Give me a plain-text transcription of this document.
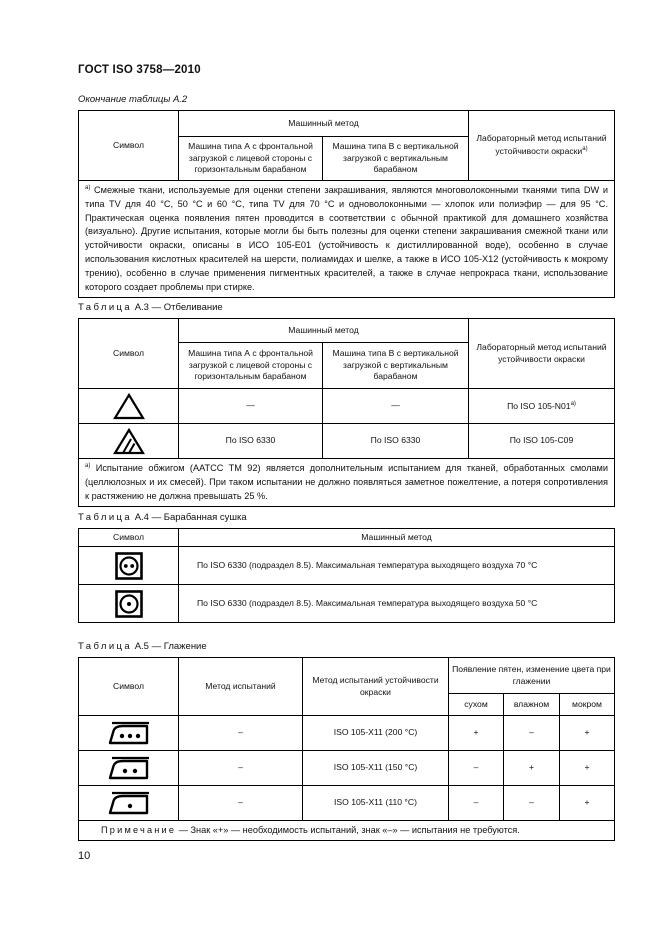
ГОСТ ISO 3758—2010
Окончание таблицы А.2
Символ	Машинный метод		Лабораторный метод испытаний устойчивости окраски$^{а)}$
	Машина типа А с фронтальной загрузкой с лицевой стороны с горизонтальным барабаном	Машина типа В с вертикальной загрузкой с вертикальным барабаном	
$^{а)}$ Смежные ткани, используемые для оценки степени закрашивания, являются многоволоконными тканями типа DW и типа TV для 40 °С, 50 °С и 60 °С, типа TV для 70 °С и одноволоконными — хлопок или полиэфир — для 95 °С. Практическая оценка появления пятен проводится в соответствии с обычной практикой для домашнего хозяйства (визуально). Другие испытания, которые могли бы быть полезны для оценки степени закрашивания смежной ткани или устойчивости окраски, описаны в ИСО 105-Е01 (устойчивость к дистиллированной воде), особенно в случае использования кислотных красителей на шерсти, полиамидах и шелке, а также в ИСО 105-Х12 (устойчивость к мокрому трению), особенно в случае применения пигментных красителей, а также в случае непрокраса ткани, использование которого создает проблемы при стирке.			
Таблица А.3 — Отбеливание
Символ	Машинный метод		Лабораторный метод испытаний устойчивости окраски
	Машина типа А с фронтальной загрузкой с лицевой стороны с горизонтальным барабаном	Машина типа В с вертикальной загрузкой с вертикальным барабаном	

	—	—	По ISO $105-N01^{а)}$

	По ISO 6330	По ISO 6330	По ISO 105-С09
$^{а)}$ Испытание обжигом (AATCC TM 92) является дополнительным испытанием для тканей, обработанных смолами (целлюлозных и их смесей). При таком испытании не должно появляться заметное пожелтение, а потеря сопротивления к растяжению не должна превышать 25 %.			
Таблица А.4 — Барабанная сушка
Символ	Машинный метод

	По ISO 6330 (подраздел 8.5). Максимальная температура выходящего воздуха 70 °С

	По ISO 6330 (подраздел 8.5). Максимальная температура выходящего воздуха 50 °С
Таблица А.5 — Глажение
Символ	Метод испытаний	Метод испытаний устойчивости окраски	Появление пятен, изменение цвета при глажении		
			сухом	влажном	мокром

	–	ISO 105-Х11 (200 °С)	+	–	+

	–	ISO 105-Х11 (150 °С)	–	+	+

	–	ISO 105-Х11 (110 °С)	–	–	+
Примечание — Знак «+» — необходимость испытаний, знак «–» — испытания не требуются.					
10
